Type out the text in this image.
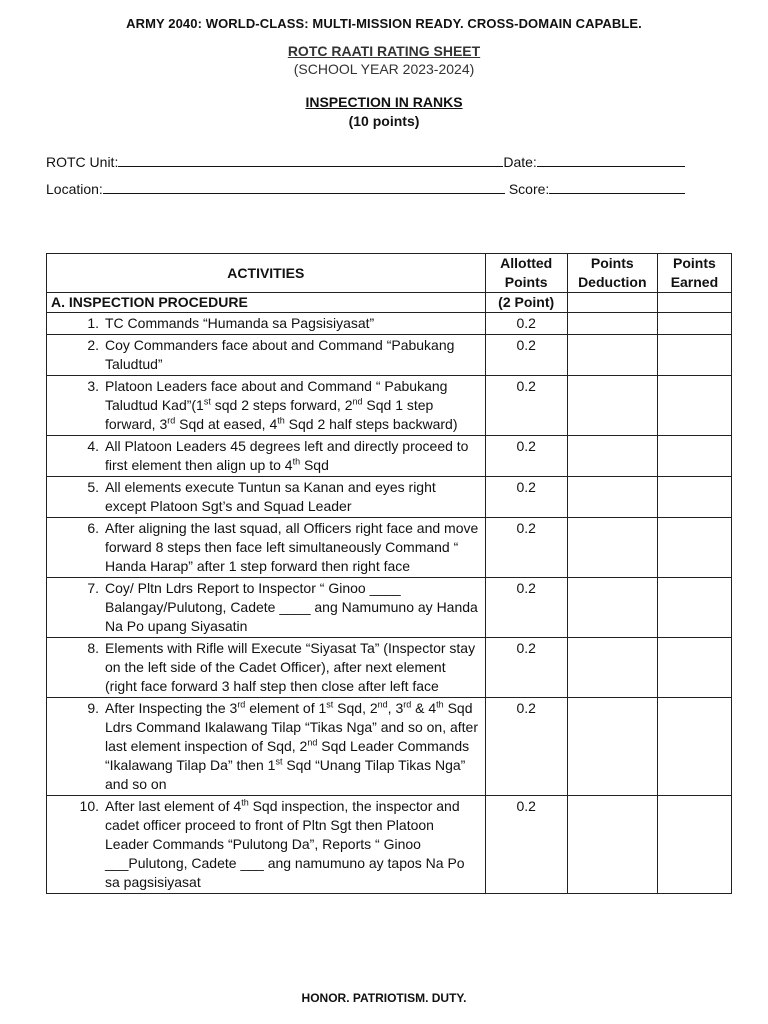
ARMY 2040: WORLD-CLASS: MULTI-MISSION READY. CROSS-DOMAIN CAPABLE.
ROTC RAATI RATING SHEET
(SCHOOL YEAR 2023-2024)
INSPECTION IN RANKS
(10 points)
ROTC Unit:	Date:
Location:	Score:
ACTIVITIES	Allotted Points	Points Deduction	Points Earned
A. INSPECTION PROCEDURE	(2 Point)		

1. TC Commands “Humanda sa Pagsisiyasat”	0.2		

2. Coy Commanders face about and Command “Pabukang Taludtud”	0.2		

3. Platoon Leaders face about and Command “ Pabukang Taludtud Kad”(1st sqd 2 steps forward, 2nd Sqd 1 step forward, 3rd Sqd at eased, 4th Sqd 2 half steps backward)	0.2		

4. All Platoon Leaders 45 degrees left and directly proceed to first element then align up to 4th Sqd	0.2		

5. All elements execute Tuntun sa Kanan and eyes right except Platoon Sgt’s and Squad Leader	0.2		

6. After aligning the last squad, all Officers right face and move forward 8 steps then face left simultaneously Command “ Handa Harap” after 1 step forward then right face	0.2		

7. Coy/ Pltn Ldrs Report to Inspector “ Ginoo ____ Balangay/Pulutong, Cadete ____ ang Namumuno ay Handa Na Po upang Siyasatin	0.2		

8. Elements with Rifle will Execute “Siyasat Ta” (Inspector stay on the left side of the Cadet Officer), after next element (right face forward 3 half step then close after left face	0.2		

9. After Inspecting the 3rd element of 1st Sqd, 2nd, 3rd & 4th Sqd Ldrs Command Ikalawang Tilap “Tikas Nga” and so on, after last element inspection of Sqd, 2nd Sqd Leader Commands “Ikalawang Tilap Da” then 1st Sqd “Unang Tilap Tikas Nga” and so on	0.2		

10. After last element of 4th Sqd inspection, the inspector and cadet officer proceed to front of Pltn Sgt then Platoon Leader Commands “Pulutong Da”, Reports “ Ginoo ___Pulutong, Cadete ___ ang namumuno ay tapos Na Po sa pagsisiyasat	0.2		
HONOR. PATRIOTISM. DUTY.
